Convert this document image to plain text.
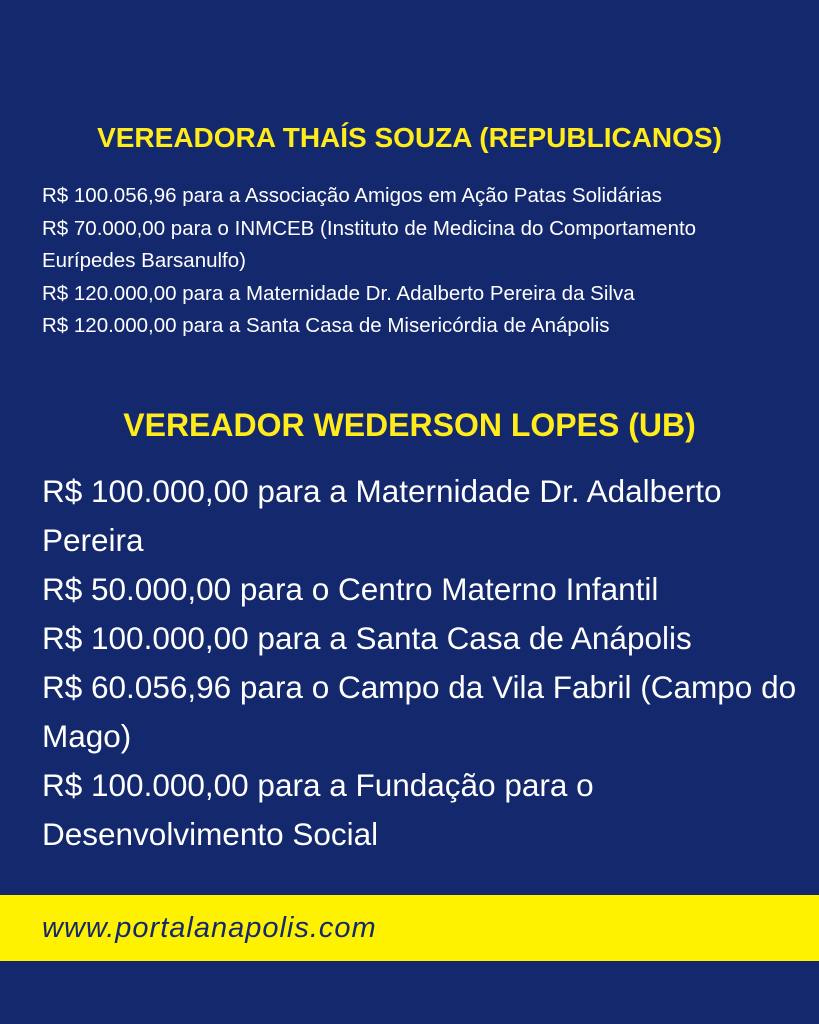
VEREADORA THAÍS SOUZA (REPUBLICANOS)
R$ 100.056,96 para a Associação Amigos em Ação Patas Solidárias
R$ 70.000,00 para o INMCEB (Instituto de Medicina do Comportamento Eurípedes Barsanulfo)
R$ 120.000,00 para a Maternidade Dr. Adalberto Pereira da Silva
R$ 120.000,00 para a Santa Casa de Misericórdia de Anápolis
VEREADOR WEDERSON LOPES (UB)
R$ 100.000,00 para a Maternidade Dr. Adalberto Pereira
R$ 50.000,00 para o Centro Materno Infantil
R$ 100.000,00 para a Santa Casa de Anápolis
R$ 60.056,96 para o Campo da Vila Fabril (Campo do Mago)
R$ 100.000,00 para a Fundação para o Desenvolvimento Social
www.portalanapolis.com
